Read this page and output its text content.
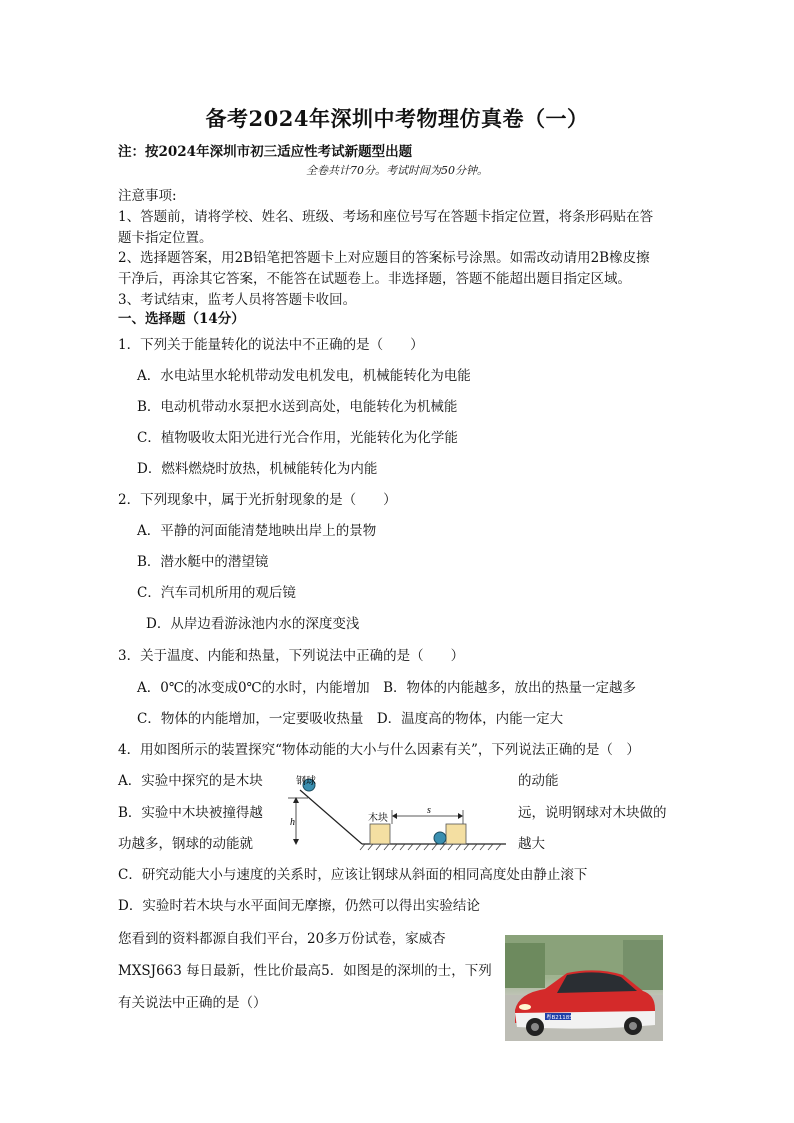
备考2024年深圳中考物理仿真卷（一）
注：按2024年深圳市初三适应性考试新题型出题
全卷共计70分。考试时间为50分钟。
注意事项:
1、答题前，请将学校、姓名、班级、考场和座位号写在答题卡指定位置，将条形码贴在答
题卡指定位置。
2、选择题答案，用2B铅笔把答题卡上对应题目的答案标号涂黑。如需改动请用2B橡皮擦
干净后，再涂其它答案，不能答在试题卷上。非选择题，答题不能超出题目指定区域。
3、考试结束，监考人员将答题卡收回。
一、选择题（14分）
1．下列关于能量转化的说法中不正确的是（　　）
A．水电站里水轮机带动发电机发电，机械能转化为电能
B．电动机带动水泵把水送到高处，电能转化为机械能
C．植物吸收太阳光进行光合作用，光能转化为化学能
D．燃料燃烧时放热，机械能转化为内能
2．下列现象中，属于光折射现象的是（　　）
A．平静的河面能清楚地映出岸上的景物
B．潜水艇中的潜望镜
C．汽车司机所用的观后镜
D．从岸边看游泳池内水的深度变浅
3．关于温度、内能和热量，下列说法中正确的是（　　）
A．0℃的冰变成0℃的水时，内能增加　B．物体的内能越多，放出的热量一定越多
C．物体的内能增加，一定要吸收热量　D．温度高的物体，内能一定大
4．用如图所示的装置探究“物体动能的大小与什么因素有关”，下列说法正确的是（　）
A．实验中探究的是木块	的动能
B．实验中木块被撞得越	远，说明钢球对木块做的
功越多，钢球的动能就	越大
C．研究动能大小与速度的关系时，应该让钢球从斜面的相同高度处由静止滚下
D．实验时若木块与水平面间无摩擦，仍然可以得出实验结论
h
钢球
木块
s
您看到的资料都源自我们平台，20多万份试卷，家威杏
MXSJ663 每日最新，性比价最高5．如图是的深圳的士，下列
有关说法中正确的是（）
粤B2118S
